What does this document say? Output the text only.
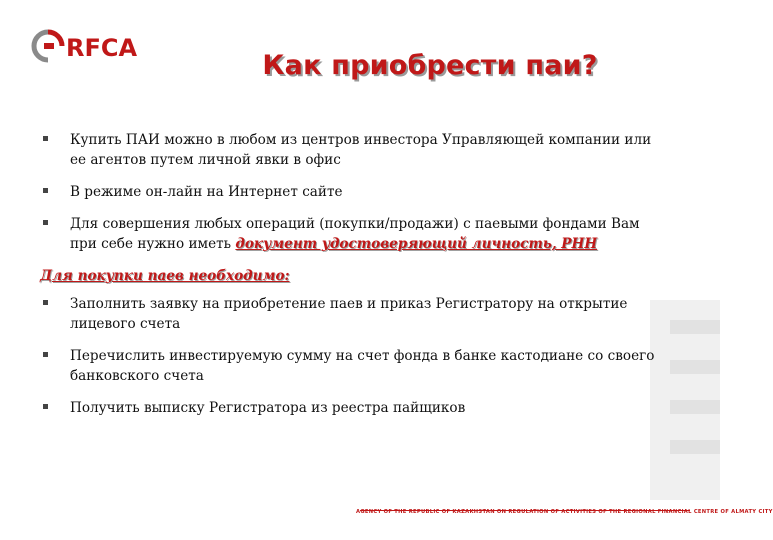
RFCA
Как приобрести паи?
Купить ПАИ можно в любом из центров инвестора Управляющей компании или ее агентов путем личной явки в офис
В режиме он-лайн на Интернет сайте
Для совершения любых операций (покупки/продажи) с паевыми фондами Вам при себе нужно иметь документ удостоверяющий личность, РНН
Для покупки паев необходимо:
Заполнить заявку на приобретение паев и приказ Регистратору на открытие лицевого счета
Перечислить инвестируемую сумму на счет фонда в банке кастодиане со своего банковского счета
Получить выписку Регистратора из реестра пайщиков
AGENCY OF THE REPUBLIC OF KAZAKHSTAN ON REGULATION OF ACTIVITIES OF THE REGIONAL FINANCIAL CENTRE OF ALMATY CITY
